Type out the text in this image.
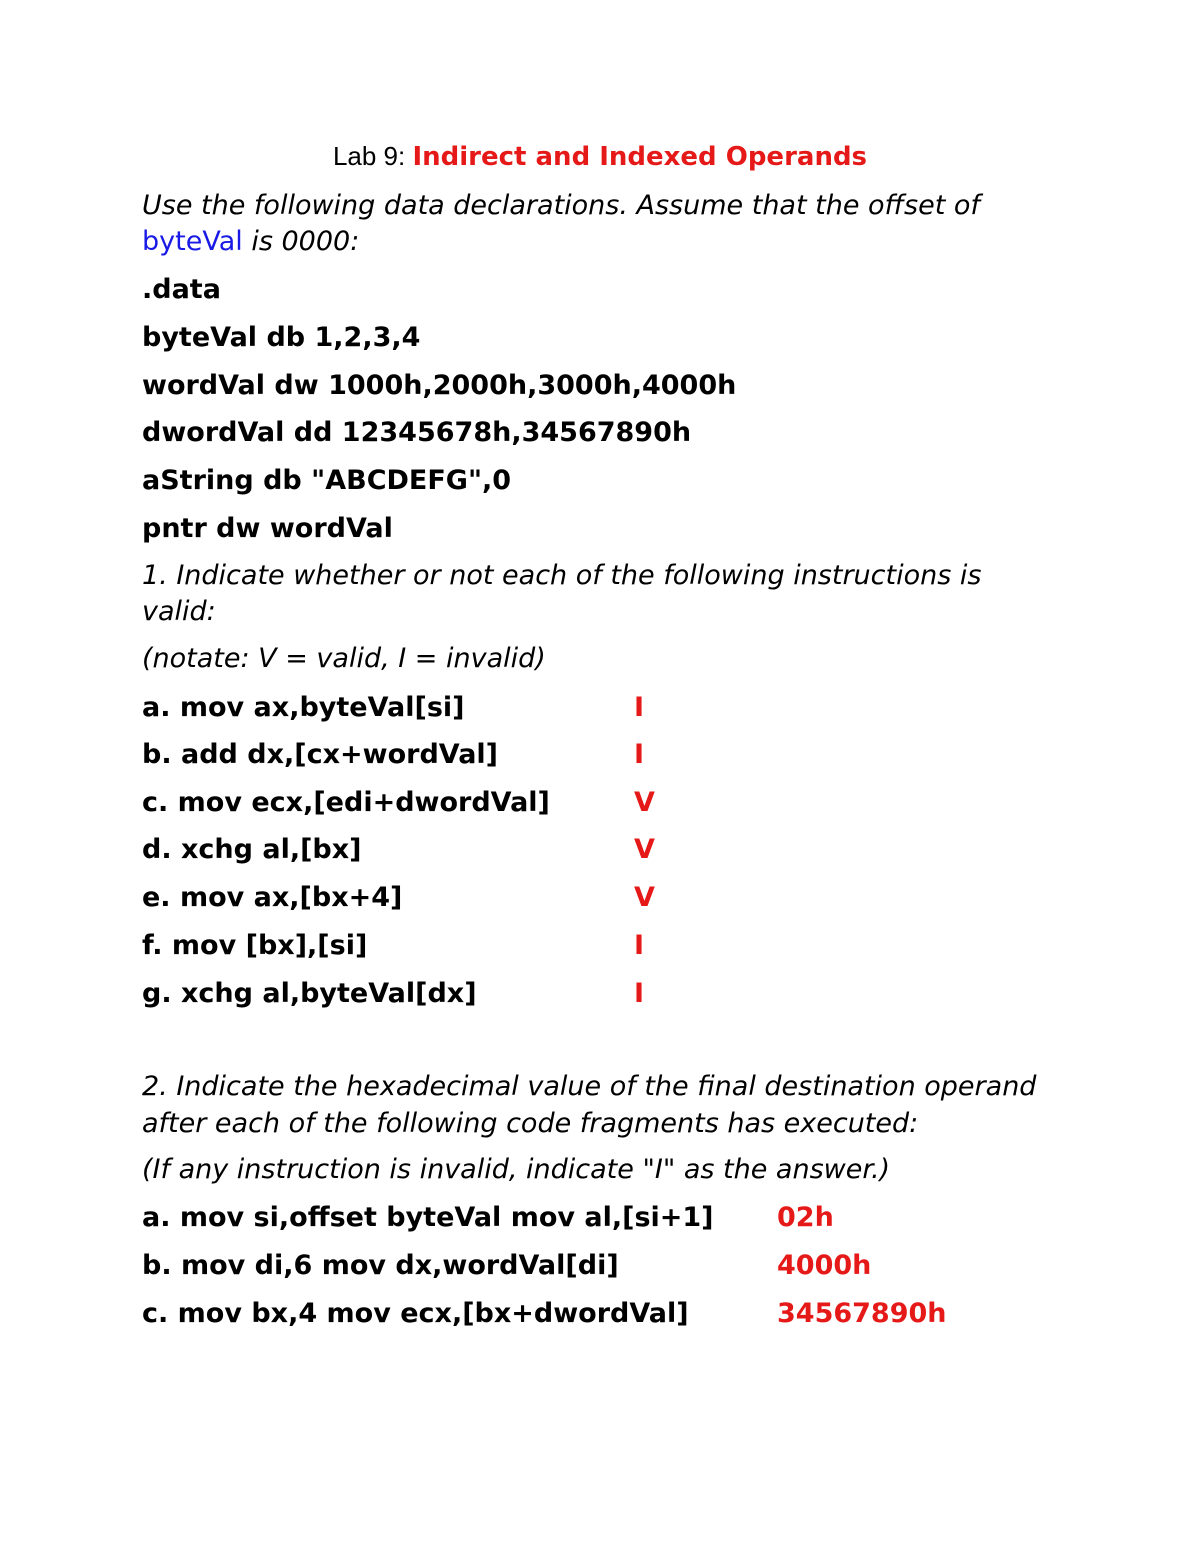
Lab 9: Indirect and Indexed Operands
Use the following data declarations. Assume that the offset of
byteVal is 0000:
.data
byteVal db 1,2,3,4
wordVal dw 1000h,2000h,3000h,4000h
dwordVal dd 12345678h,34567890h
aString db "ABCDEFG",0
pntr dw wordVal
1. Indicate whether or not each of the following instructions is
valid:
(notate: V = valid, I = invalid)
a. mov ax,byteVal[si]	I
b. add dx,[cx+wordVal]	I
c. mov ecx,[edi+dwordVal]	V
d. xchg al,[bx]	V
e. mov ax,[bx+4]	V
f. mov [bx],[si]	I
g. xchg al,byteVal[dx]	I
2. Indicate the hexadecimal value of the final destination operand
after each of the following code fragments has executed:
(If any instruction is invalid, indicate "I" as the answer.)
a. mov si,offset byteVal mov al,[si+1] 02h
b. mov di,6 mov dx,wordVal[di]	4000h
c. mov bx,4 mov ecx,[bx+dwordVal]	34567890h
